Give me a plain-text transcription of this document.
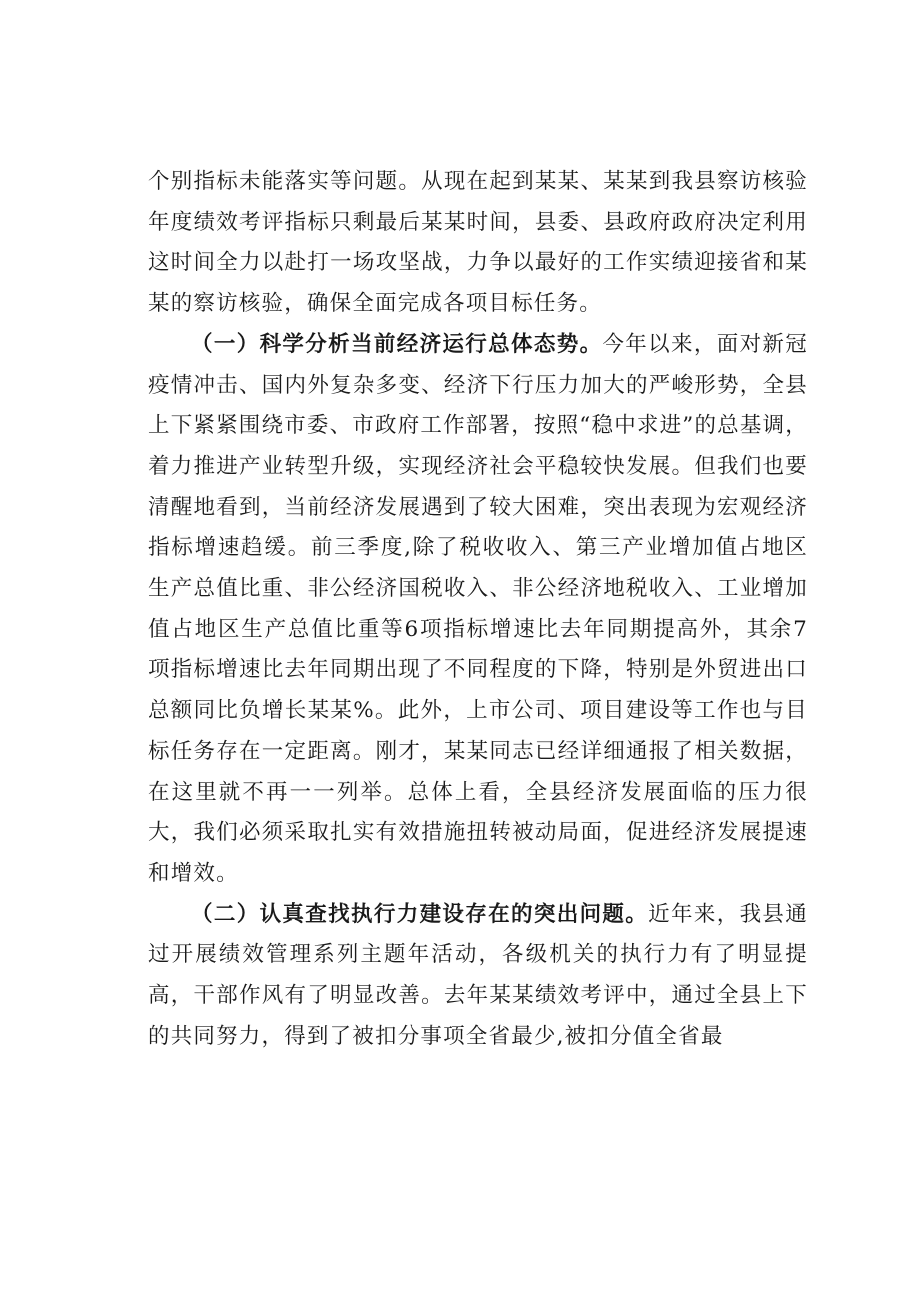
个别指标未能落实等问题。从现在起到某某、某某到我县察访核验年度绩效考评指标只剩最后某某时间，县委、县政府政府决定利用这时间全力以赴打一场攻坚战，力争以最好的工作实绩迎接省和某某的察访核验，确保全面完成各项目标任务。

（一）科学分析当前经济运行总体态势。今年以来，面对新冠疫情冲击、国内外复杂多变、经济下行压力加大的严峻形势，全县上下紧紧围绕市委、市政府工作部署，按照“稳中求进”的总基调，着力推进产业转型升级，实现经济社会平稳较快发展。但我们也要清醒地看到，当前经济发展遇到了较大困难，突出表现为宏观经济指标增速趋缓。前三季度,除了税收收入、第三产业增加值占地区生产总值比重、非公经济国税收入、非公经济地税收入、工业增加值占地区生产总值比重等6项指标增速比去年同期提高外，其余7项指标增速比去年同期出现了不同程度的下降，特别是外贸进出口总额同比负增长某某%。此外，上市公司、项目建设等工作也与目标任务存在一定距离。刚才，某某同志已经详细通报了相关数据，在这里就不再一一列举。总体上看，全县经济发展面临的压力很大，我们必须采取扎实有效措施扭转被动局面，促进经济发展提速和增效。

（二）认真查找执行力建设存在的突出问题。近年来，我县通过开展绩效管理系列主题年活动，各级机关的执行力有了明显提高，干部作风有了明显改善。去年某某绩效考评中，通过全县上下的共同努力，得到了被扣分事项全省最少,被扣分值全省最
